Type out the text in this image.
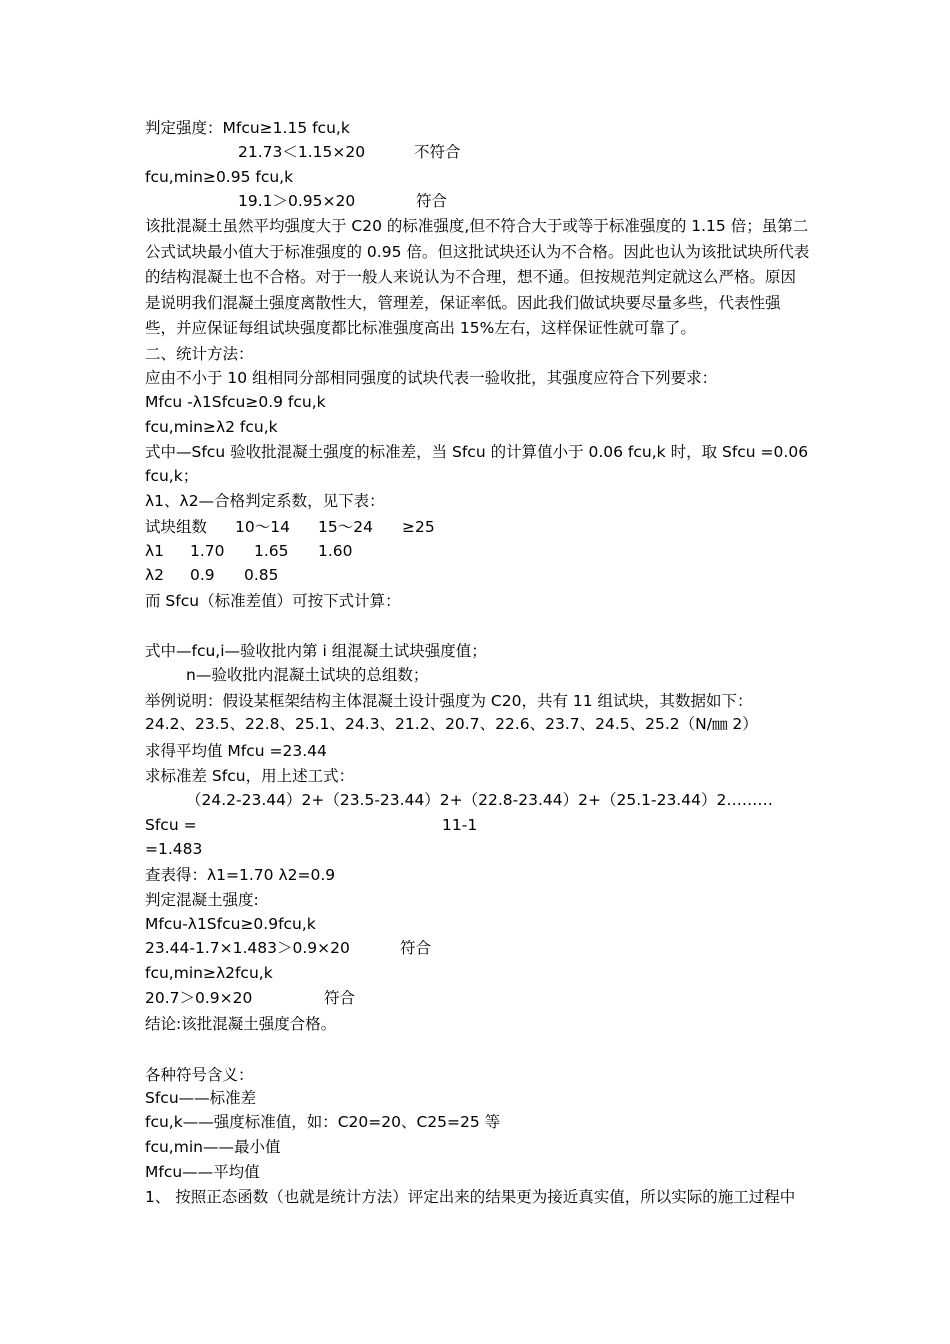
判定强度：Mfcu≥1.15 fcu,k
21.73＜1.15×20	不符合
fcu,min≥0.95 fcu,k
19.1＞0.95×20	符合
该批混凝土虽然平均强度大于 C20 的标准强度,但不符合大于或等于标准强度的 1.15 倍；虽第二公式试块最小值大于标准强度的 0.95 倍。但这批试块还认为不合格。因此也认为该批试块所代表的结构混凝土也不合格。对于一般人来说认为不合理，想不通。但按规范判定就这么严格。原因是说明我们混凝土强度离散性大，管理差，保证率低。因此我们做试块要尽量多些，代表性强些，并应保证每组试块强度都比标准强度高出 15%左右，这样保证性就可靠了。
二、统计方法：
应由不小于 10 组相同分部相同强度的试块代表一验收批，其强度应符合下列要求：
Mfcu -λ1Sfcu≥0.9 fcu,k
fcu,min≥λ2 fcu,k
式中—Sfcu 验收批混凝土强度的标准差，当 Sfcu 的计算值小于 0.06 fcu,k 时，取 Sfcu =0.06 fcu,k；
λ1、λ2—合格判定系数，见下表：
试块组数 10～14 15～24 ≥25
λ1 1.70 1.65 1.60
λ2 0.9 0.85
而 Sfcu（标准差值）可按下式计算：
式中—fcu,i—验收批内第 i 组混凝土试块强度值；
n—验收批内混凝土试块的总组数；
举例说明：假设某框架结构主体混凝土设计强度为 C20，共有 11 组试块，其数据如下：
24.2、23.5、22.8、25.1、24.3、21.2、20.7、22.6、23.7、24.5、25.2（N/㎜ 2）
求得平均值 Mfcu =23.44
求标准差 Sfcu，用上述工式：
（24.2-23.44）2+（23.5-23.44）2+（22.8-23.44）2+（25.1-23.44）2………
Sfcu =	11-1
=1.483
查表得：λ1=1.70 λ2=0.9
判定混凝土强度:
Mfcu-λ1Sfcu≥0.9fcu,k
23.44-1.7×1.483＞0.9×20	符合
fcu,min≥λ2fcu,k
20.7＞0.9×20	符合
结论:该批混凝土强度合格。
各种符号含义：
Sfcu——标准差
fcu,k——强度标准值，如：C20=20、C25=25 等
fcu,min——最小值
Mfcu——平均值
1、 按照正态函数（也就是统计方法）评定出来的结果更为接近真实值，所以实际的施工过程中
